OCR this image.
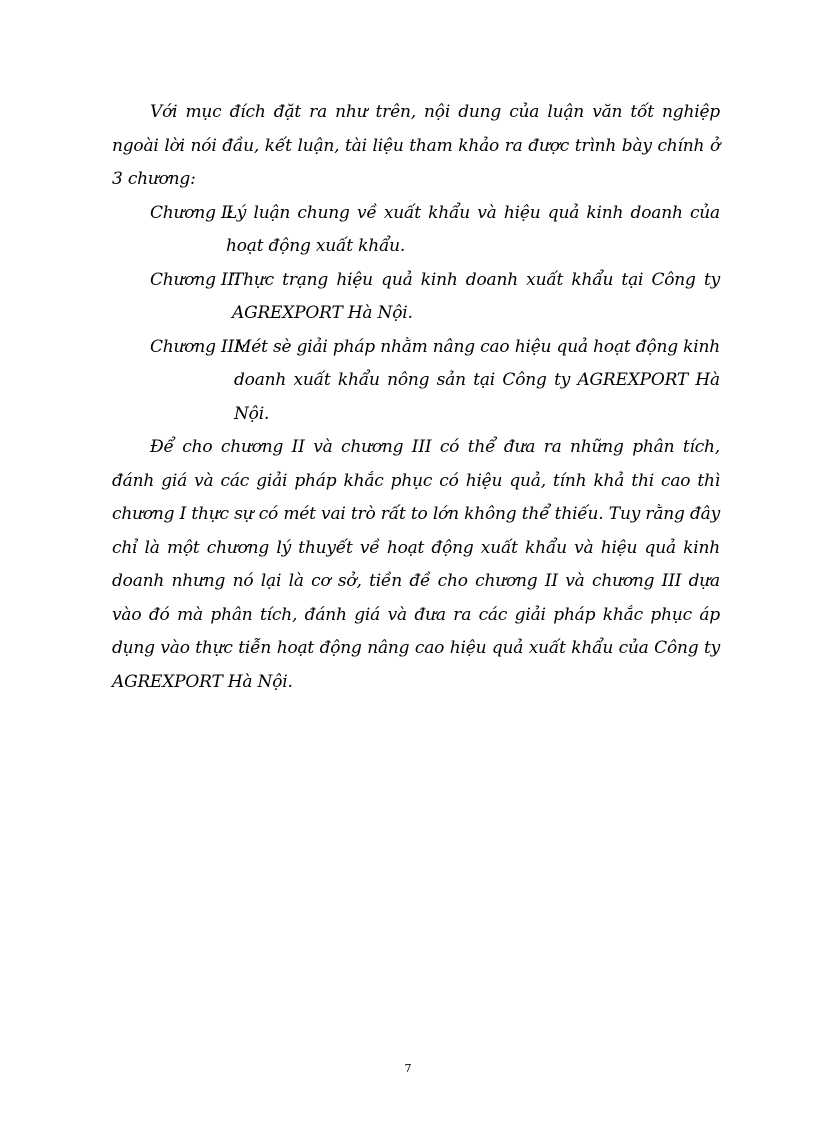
Với mục đích đặt ra như trên, nội dung của luận văn tốt nghiệp ngoài lời nói đầu, kết luận, tài liệu tham khảo ra được trình bày chính ở 3 chương:

Chương I:
Lý luận chung về xuất khẩu và hiệu quả kinh doanh của hoạt động xuất khẩu.
Chương II:
Thực trạng hiệu quả kinh doanh xuất khẩu tại Công ty AGREXPORT Hà Nội.
Chương III:
Mét sè giải pháp nhằm nâng cao hiệu quả hoạt động kinh doanh xuất khẩu nông sản tại Công ty AGREXPORT Hà Nội.

Để cho chương II và chương III có thể đưa ra những phân tích, đánh giá và các giải pháp khắc phục có hiệu quả, tính khả thi cao thì chương I thực sự có mét vai trò rất to lớn không thể thiếu. Tuy rằng đây chỉ là một chương lý thuyết về hoạt động xuất khẩu và hiệu quả kinh doanh nhưng nó lại là cơ sở, tiền đề cho chương II và chương III dựa vào đó mà phân tích, đánh giá và đưa ra các giải pháp khắc phục áp dụng vào thực tiễn hoạt động nâng cao hiệu quả xuất khẩu của Công ty AGREXPORT Hà Nội.

7
